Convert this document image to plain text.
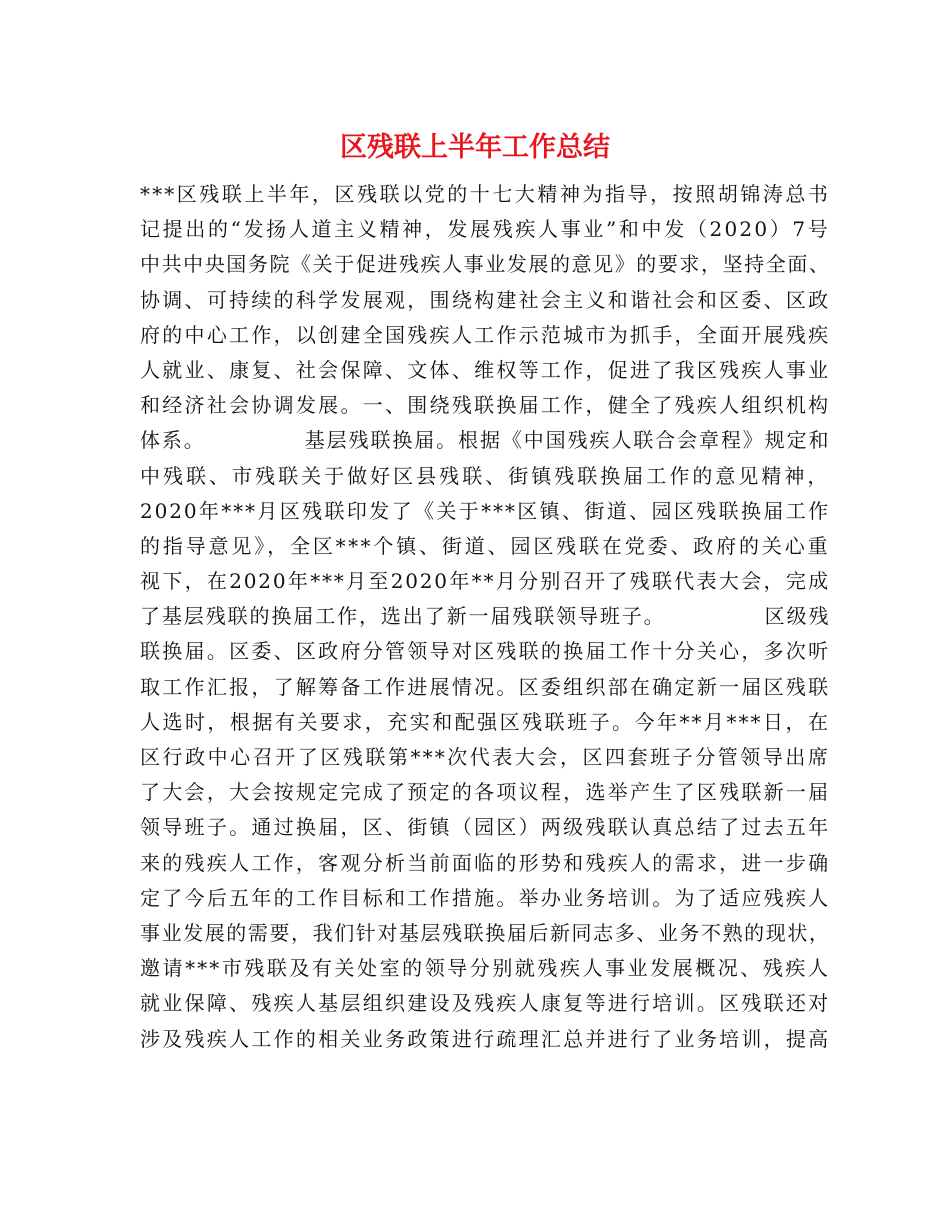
区残联上半年工作总结
***区残联上半年，区残联以党的十七大精神为指导，按照胡锦涛总书
记提出的“发扬人道主义精神，发展残疾人事业”和中发（2020）7号
中共中央国务院《关于促进残疾人事业发展的意见》的要求，坚持全面、
协调、可持续的科学发展观，围绕构建社会主义和谐社会和区委、区政
府的中心工作，以创建全国残疾人工作示范城市为抓手，全面开展残疾
人就业、康复、社会保障、文体、维权等工作，促进了我区残疾人事业
和经济社会协调发展。一、围绕残联换届工作，健全了残疾人组织机构
体系。            基层残联换届。根据《中国残疾人联合会章程》规定和
中残联、市残联关于做好区县残联、街镇残联换届工作的意见精神，
2020年***月区残联印发了《关于***区镇、街道、园区残联换届工作
的指导意见》，全区***个镇、街道、园区残联在党委、政府的关心重
视下，在2020年***月至2020年**月分别召开了残联代表大会，完成
了基层残联的换届工作，选出了新一届残联领导班子。            区级残
联换届。区委、区政府分管领导对区残联的换届工作十分关心，多次听
取工作汇报，了解筹备工作进展情况。区委组织部在确定新一届区残联
人选时，根据有关要求，充实和配强区残联班子。今年**月***日，在
区行政中心召开了区残联第***次代表大会，区四套班子分管领导出席
了大会，大会按规定完成了预定的各项议程，选举产生了区残联新一届
领导班子。通过换届，区、街镇（园区）两级残联认真总结了过去五年
来的残疾人工作，客观分析当前面临的形势和残疾人的需求，进一步确
定了今后五年的工作目标和工作措施。举办业务培训。为了适应残疾人
事业发展的需要，我们针对基层残联换届后新同志多、业务不熟的现状，
邀请***市残联及有关处室的领导分别就残疾人事业发展概况、残疾人
就业保障、残疾人基层组织建设及残疾人康复等进行培训。区残联还对
涉及残疾人工作的相关业务政策进行疏理汇总并进行了业务培训，提高
